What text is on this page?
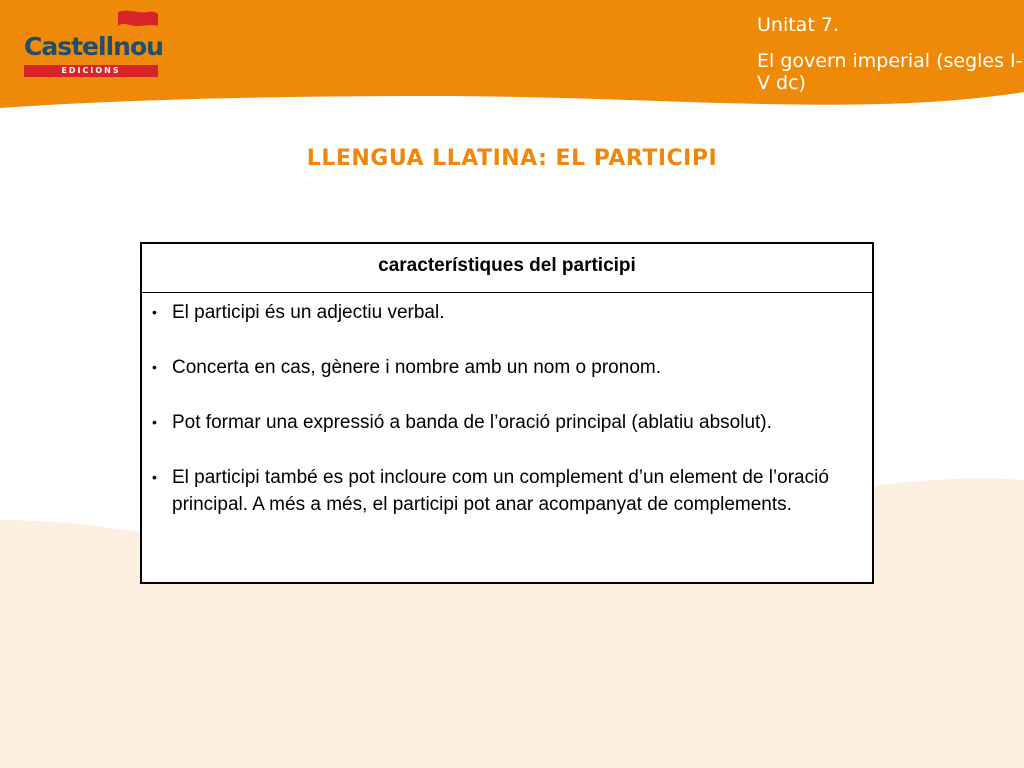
Castellnou
EDICIONS
Unitat 7.
El govern imperial (segles I-V dc)
LLENGUA LLATINA: EL PARTICIPI
característiques del participi
• El participi és un adjectiu verbal.
• Concerta en cas, gènere i nombre amb un nom o pronom.
• Pot formar una expressió a banda de l’oració principal (ablatiu absolut).
• El participi també es pot incloure com un complement d’un element de l’oració principal. A més a més, el participi pot anar acompanyat de complements.
